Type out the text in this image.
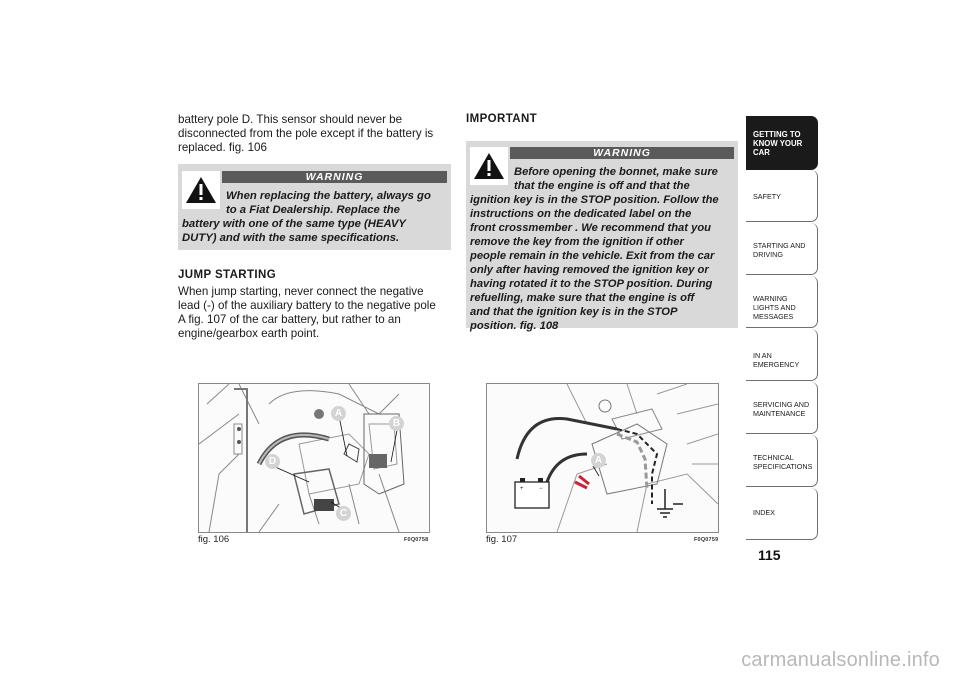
battery pole D. This sensor should never be
disconnected from the pole except if the battery is
replaced. fig. 106

WARNING
When replacing the battery, always go
to a Fiat Dealership. Replace the
battery with one of the same type (HEAVY
DUTY) and with the same specifications.

JUMP STARTING

When jump starting, never connect the negative
lead (-) of the auxiliary battery to the negative pole
A fig. 107 of the car battery, but rather to an
engine/gearbox earth point.

IMPORTANT

WARNING
Before opening the bonnet, make sure
that the engine is off and that the
ignition key is in the STOP position. Follow the
instructions on the dedicated label on the
front crossmember . We recommend that you
remove the key from the ignition if other
people remain in the vehicle. Exit from the car
only after having removed the ignition key or
having rotated it to the STOP position. During
refuelling, make sure that the engine is off
and that the ignition key is in the STOP
position. fig. 108
A
B
D
C
fig. 106	F0Q0758
+	−
A
fig. 107	F0Q0759
GETTING TO KNOW YOUR CAR
SAFETY
STARTING AND DRIVING
WARNING LIGHTS AND MESSAGES
IN AN EMERGENCY
SERVICING AND MAINTENANCE
TECHNICAL SPECIFICATIONS
INDEX
115
carmanualsonline.info
